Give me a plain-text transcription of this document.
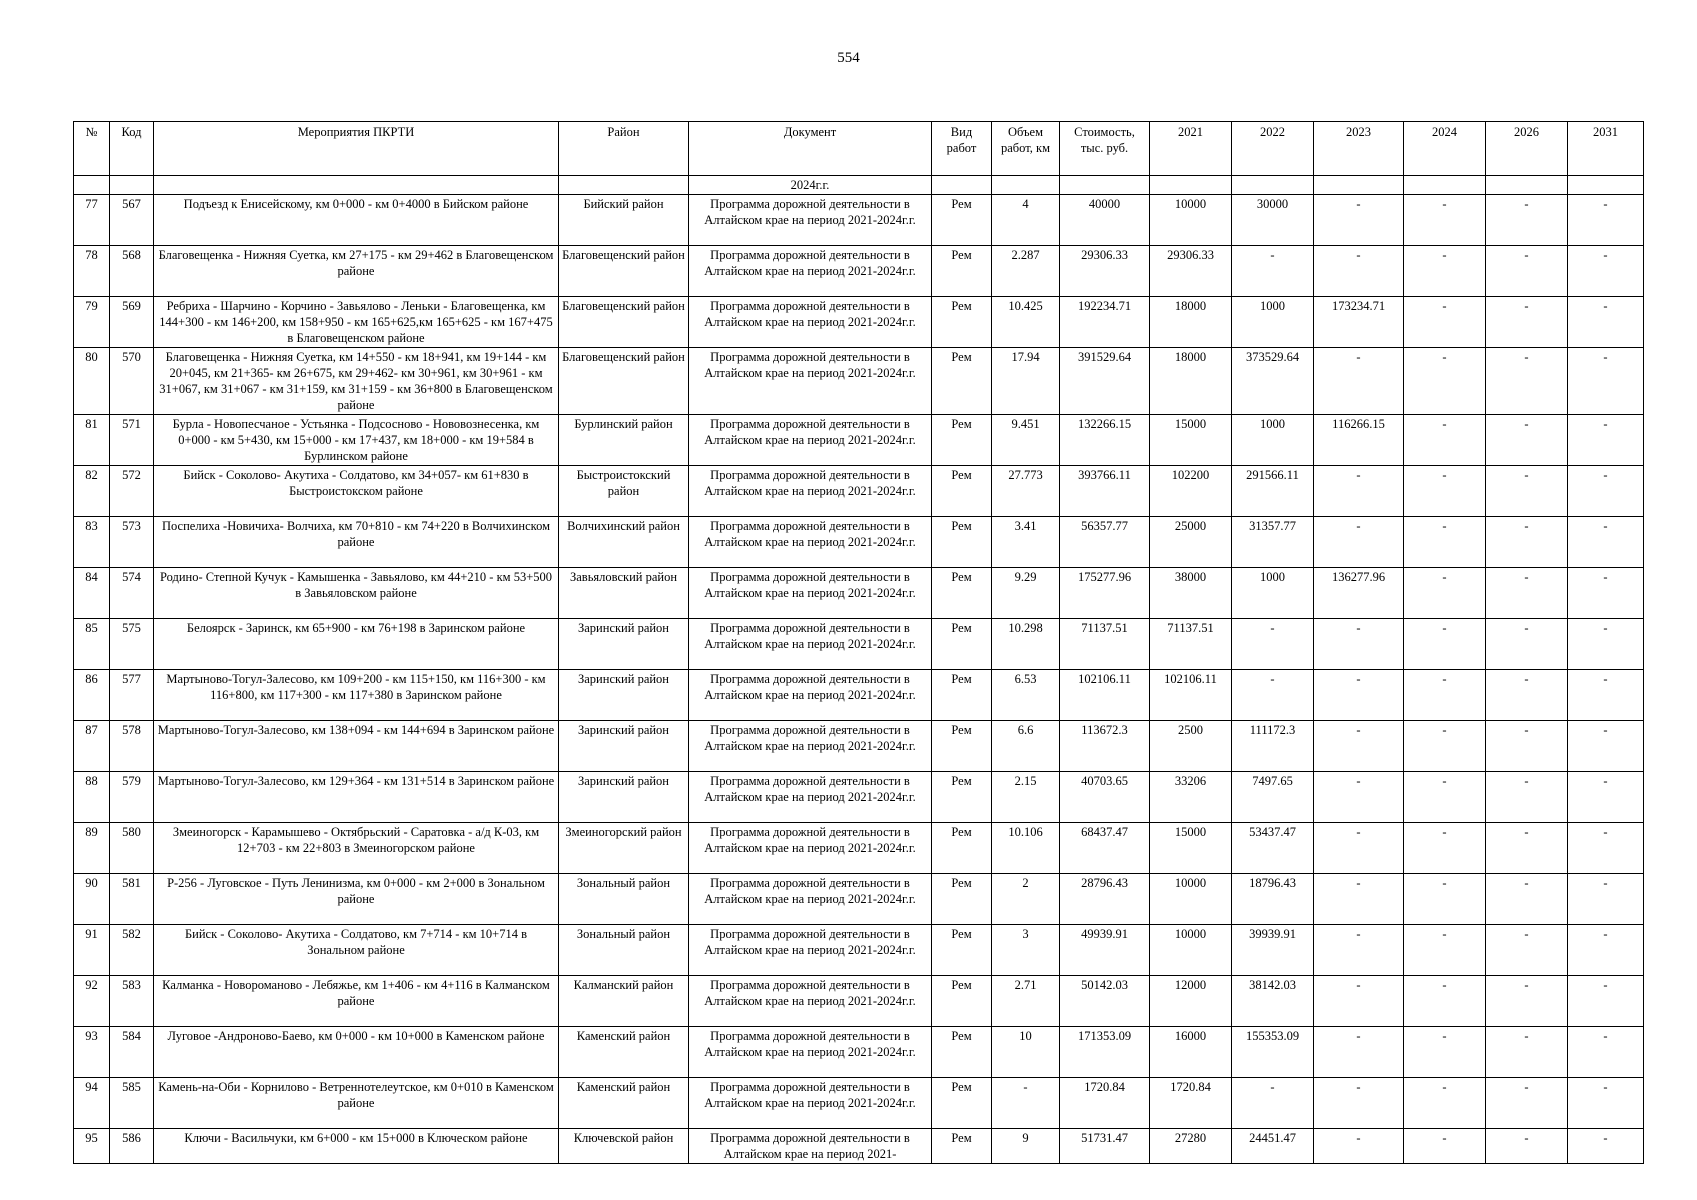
554
№	Код	Мероприятия ПКРТИ	Район	Документ	Вид работ	Объем работ, км	Стоимость, тыс. руб.	2021	2022	2023	2024	2026	2031
				2024г.г.									
77	567	Подъезд к Енисейскому, км 0+000 - км 0+4000 в Бийском районе	Бийский район	Программа дорожной деятельности в Алтайском крае на период 2021-2024г.г.	Рем	4	40000	10000	30000	-	-	-	-
78	568	Благовещенка - Нижняя Суетка, км 27+175 - км 29+462 в Благовещенском районе	Благовещенский район	Программа дорожной деятельности в Алтайском крае на период 2021-2024г.г.	Рем	2.287	29306.33	29306.33	-	-	-	-	-
79	569	Ребриха - Шарчино - Корчино - Завьялово - Леньки - Благовещенка, км 144+300 - км 146+200, км 158+950 - км 165+625,км 165+625 - км 167+475 в Благовещенском районе	Благовещенский район	Программа дорожной деятельности в Алтайском крае на период 2021-2024г.г.	Рем	10.425	192234.71	18000	1000	173234.71	-	-	-
80	570	Благовещенка - Нижняя Суетка, км 14+550 - км 18+941, км 19+144 - км 20+045, км 21+365- км 26+675, км 29+462- км 30+961, км 30+961 - км 31+067, км 31+067 - км 31+159, км 31+159 - км 36+800 в Благовещенском районе	Благовещенский район	Программа дорожной деятельности в Алтайском крае на период 2021-2024г.г.	Рем	17.94	391529.64	18000	373529.64	-	-	-	-
81	571	Бурла - Новопесчаное - Устьянка - Подсосново - Нововознесенка, км 0+000 - км 5+430, км 15+000 - км 17+437, км 18+000 - км 19+584 в Бурлинском районе	Бурлинский район	Программа дорожной деятельности в Алтайском крае на период 2021-2024г.г.	Рем	9.451	132266.15	15000	1000	116266.15	-	-	-
82	572	Бийск - Соколово- Акутиха - Солдатово, км 34+057- км 61+830 в Быстроистокском районе	Быстроистокский район	Программа дорожной деятельности в Алтайском крае на период 2021-2024г.г.	Рем	27.773	393766.11	102200	291566.11	-	-	-	-
83	573	Поспелиха -Новичиха- Волчиха, км 70+810 - км 74+220 в Волчихинском районе	Волчихинский район	Программа дорожной деятельности в Алтайском крае на период 2021-2024г.г.	Рем	3.41	56357.77	25000	31357.77	-	-	-	-
84	574	Родино- Степной Кучук - Камышенка - Завьялово, км 44+210 - км 53+500 в Завьяловском районе	Завьяловский район	Программа дорожной деятельности в Алтайском крае на период 2021-2024г.г.	Рем	9.29	175277.96	38000	1000	136277.96	-	-	-
85	575	Белоярск - Заринск, км 65+900 - км 76+198 в Заринском районе	Заринский район	Программа дорожной деятельности в Алтайском крае на период 2021-2024г.г.	Рем	10.298	71137.51	71137.51	-	-	-	-	-
86	577	Мартыново-Тогул-Залесово, км 109+200 - км 115+150, км 116+300 - км 116+800, км 117+300 - км 117+380 в Заринском районе	Заринский район	Программа дорожной деятельности в Алтайском крае на период 2021-2024г.г.	Рем	6.53	102106.11	102106.11	-	-	-	-	-
87	578	Мартыново-Тогул-Залесово, км 138+094 - км 144+694 в Заринском районе	Заринский район	Программа дорожной деятельности в Алтайском крае на период 2021-2024г.г.	Рем	6.6	113672.3	2500	111172.3	-	-	-	-
88	579	Мартыново-Тогул-Залесово, км 129+364 - км 131+514 в Заринском районе	Заринский район	Программа дорожной деятельности в Алтайском крае на период 2021-2024г.г.	Рем	2.15	40703.65	33206	7497.65	-	-	-	-
89	580	Змеиногорск - Карамышево - Октябрьский - Саратовка - а/д К-03, км 12+703 - км 22+803 в Змеиногорском районе	Змеиногорский район	Программа дорожной деятельности в Алтайском крае на период 2021-2024г.г.	Рем	10.106	68437.47	15000	53437.47	-	-	-	-
90	581	Р-256 - Луговское - Путь Ленинизма, км 0+000 - км 2+000 в Зональном районе	Зональный район	Программа дорожной деятельности в Алтайском крае на период 2021-2024г.г.	Рем	2	28796.43	10000	18796.43	-	-	-	-
91	582	Бийск - Соколово- Акутиха - Солдатово, км 7+714 - км 10+714 в Зональном районе	Зональный район	Программа дорожной деятельности в Алтайском крае на период 2021-2024г.г.	Рем	3	49939.91	10000	39939.91	-	-	-	-
92	583	Калманка - Новороманово - Лебяжье, км 1+406 - км 4+116 в Калманском районе	Калманский район	Программа дорожной деятельности в Алтайском крае на период 2021-2024г.г.	Рем	2.71	50142.03	12000	38142.03	-	-	-	-
93	584	Луговое -Андроново-Баево, км 0+000 - км 10+000 в Каменском районе	Каменский район	Программа дорожной деятельности в Алтайском крае на период 2021-2024г.г.	Рем	10	171353.09	16000	155353.09	-	-	-	-
94	585	Камень-на-Оби - Корнилово - Ветреннотелеутское, км 0+010 в Каменском районе	Каменский район	Программа дорожной деятельности в Алтайском крае на период 2021-2024г.г.	Рем	-	1720.84	1720.84	-	-	-	-	-
95	586	Ключи - Васильчуки, км 6+000 - км 15+000 в Ключеском районе	Ключевской район	Программа дорожной деятельности в Алтайском крае на период 2021-	Рем	9	51731.47	27280	24451.47	-	-	-	-
